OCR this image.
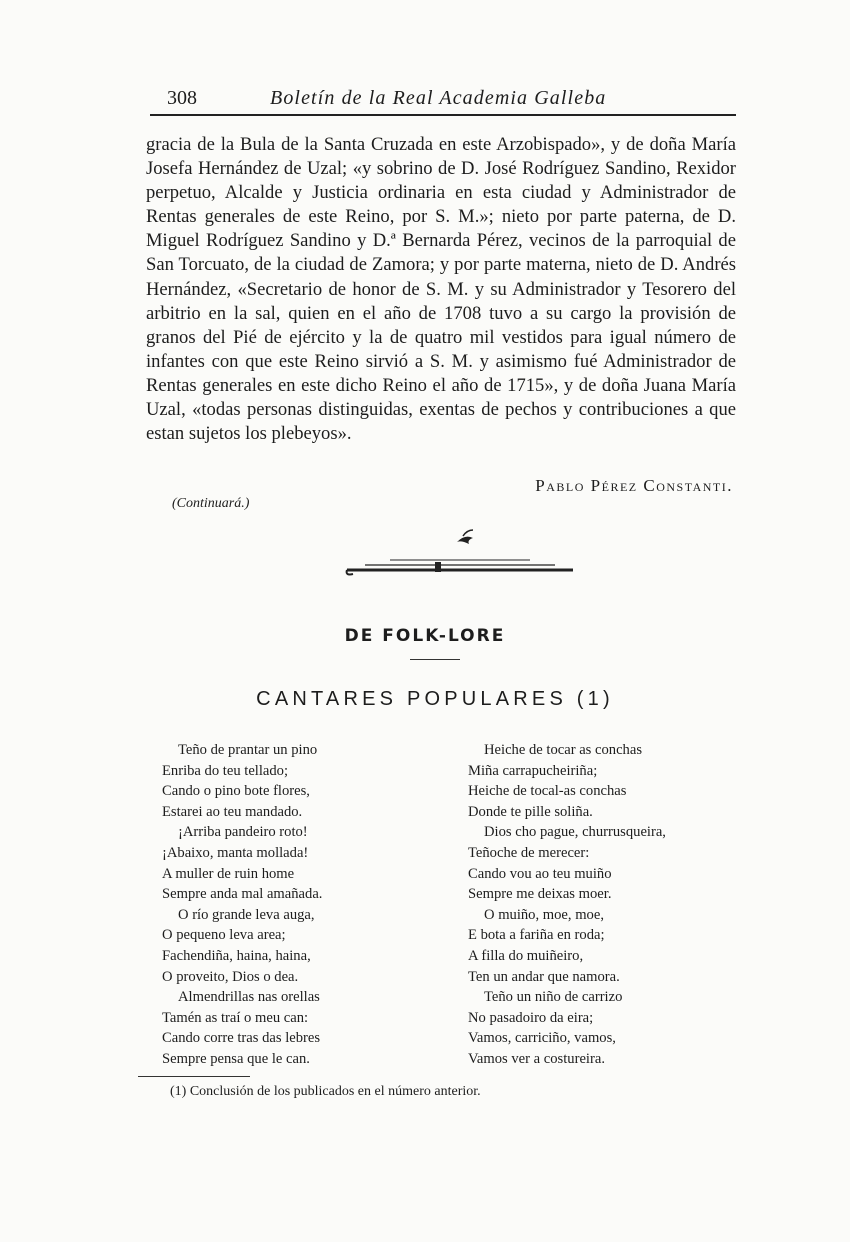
308	Boletín de la Real Academia Galleba

gracia de la Bula de la Santa Cruzada en este Arzobispado», y de doña María Josefa Hernández de Uzal; «y sobrino de D. José Rodríguez Sandino, Rexidor perpetuo, Alcalde y Justicia ordinaria en esta ciudad y Administrador de Rentas generales de este Reino, por S. M.»; nieto por parte paterna, de D. Miguel Rodríguez Sandino y D.ª Bernarda Pérez, vecinos de la parroquial de San Torcuato, de la ciudad de Zamora; y por parte materna, nieto de D. Andrés Hernández, «Secretario de honor de S. M. y su Administrador y Tesorero del arbitrio en la sal, quien en el año de 1708 tuvo a su cargo la provisión de granos del Pié de ejército y la de quatro mil vestidos para igual número de infantes con que este Reino sirvió a S. M. y asimismo fué Administrador de Rentas generales en este dicho Reino el año de 1715», y de doña Juana María Uzal, «todas personas distinguidas, exentas de pechos y contribuciones a que estan sujetos los plebeyos».

Pablo Pérez Constanti.
(Continuará.)
DE FOLK-LORE
CANTARES POPULARES (1)
Teño de prantar un pino
Enriba do teu tellado;
Cando o pino bote flores,
Estarei ao teu mandado.
¡Arriba pandeiro roto!
¡Abaixo, manta mollada!
A muller de ruin home
Sempre anda mal amañada.
O río grande leva auga,
O pequeno leva area;
Fachendiña, haina, haina,
O proveito, Dios o dea.
Almendrillas nas orellas
Tamén as traí o meu can:
Cando corre tras das lebres
Sempre pensa que le can.
Heiche de tocar as conchas
Miña carrapucheiriña;
Heiche de tocal-as conchas
Donde te pille soliña.
Dios cho pague, churrusqueira,
Teñoche de merecer:
Cando vou ao teu muiño
Sempre me deixas moer.
O muiño, moe, moe,
E bota a fariña en roda;
A filla do muiñeiro,
Ten un andar que namora.
Teño un niño de carrizo
No pasadoiro da eira;
Vamos, carriciño, vamos,
Vamos ver a costureira.
(1) Conclusión de los publicados en el número anterior.
